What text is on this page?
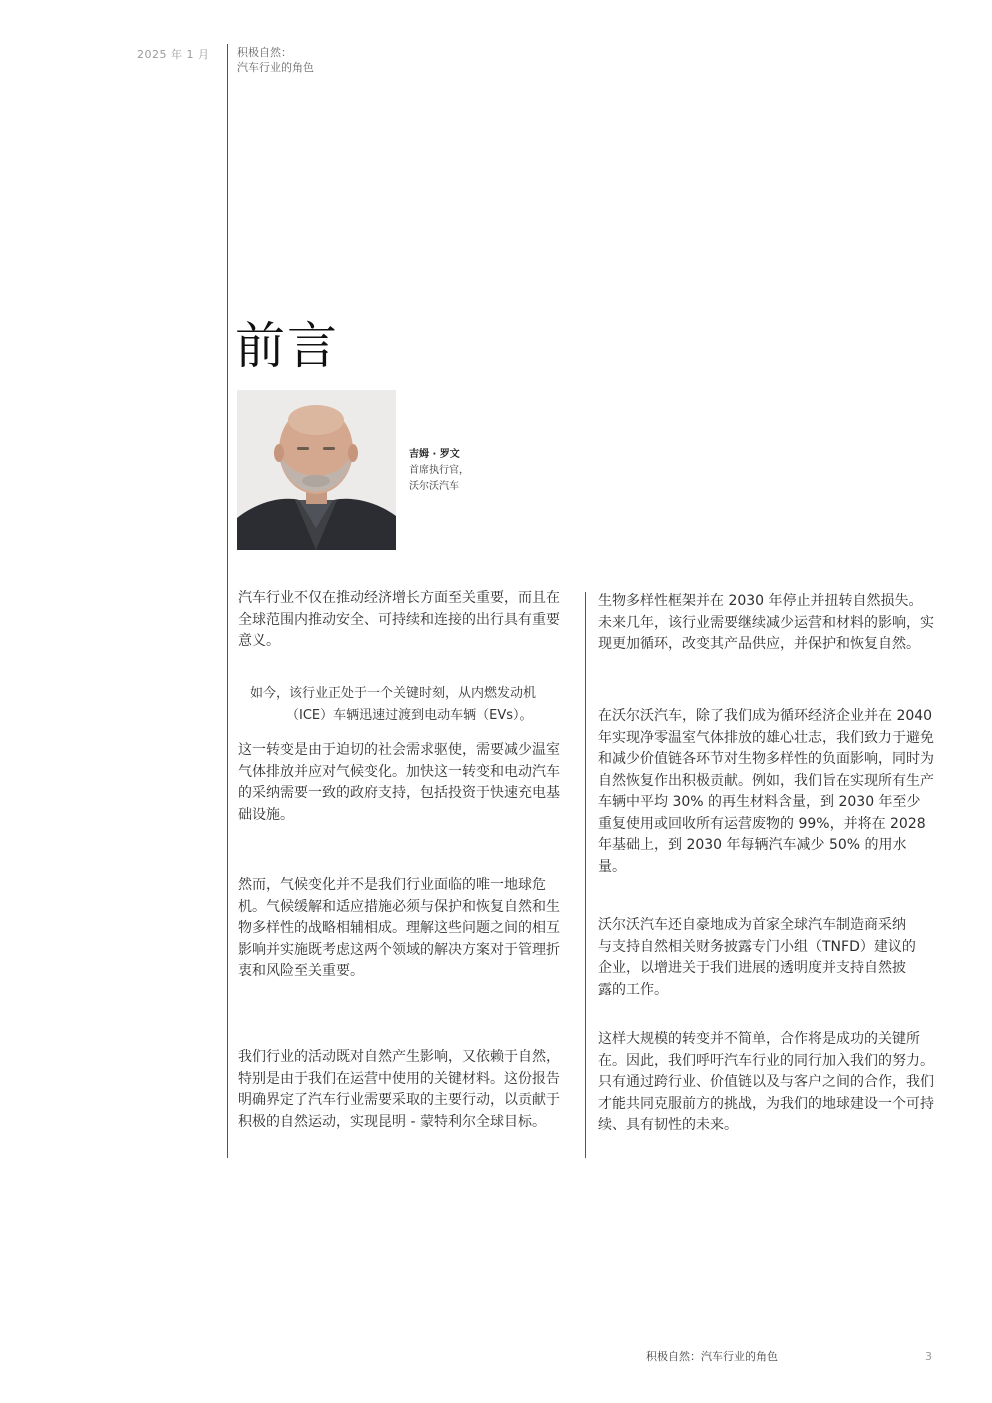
2025 年 1 月	积极自然：
汽车行业的角色
前言
吉姆 · 罗文
首席执行官，
沃尔沃汽车

汽车行业不仅在推动经济增长方面至关重要，而且在全球范围内推动安全、可持续和连接的出行具有重要意义。

如今，该行业正处于一个关键时刻，从内燃发动机
（ICE）车辆迅速过渡到电动车辆（EVs）。

这一转变是由于迫切的社会需求驱使，需要减少温室气体排放并应对气候变化。加快这一转变和电动汽车的采纳需要一致的政府支持，包括投资于快速充电基础设施。

然而，气候变化并不是我们行业面临的唯一地球危机。气候缓解和适应措施必须与保护和恢复自然和生物多样性的战略相辅相成。理解这些问题之间的相互影响并实施既考虑这两个领域的解决方案对于管理折衷和风险至关重要。

我们行业的活动既对自然产生影响，又依赖于自然，特别是由于我们在运营中使用的关键材料。这份报告明确界定了汽车行业需要采取的主要行动，以贡献于积极的自然运动，实现昆明 - 蒙特利尔全球目标。

生物多样性框架并在 2030 年停止并扭转自然损失。未来几年，该行业需要继续减少运营和材料的影响，实现更加循环，改变其产品供应，并保护和恢复自然。

在沃尔沃汽车，除了我们成为循环经济企业并在 2040 年实现净零温室气体排放的雄心壮志，我们致力于避免和减少价值链各环节对生物多样性的负面影响，同时为自然恢复作出积极贡献。例如，我们旨在实现所有生产车辆中平均 30% 的再生材料含量，到 2030 年至少重复使用或回收所有运营废物的 99%，并将在 2028 年基础上，到 2030 年每辆汽车减少 50% 的用水量。

沃尔沃汽车还自豪地成为首家全球汽车制造商采纳与支持自然相关财务披露专门小组（TNFD）建议的企业，以增进关于我们进展的透明度并支持自然披露的工作。

这样大规模的转变并不简单，合作将是成功的关键所在。因此，我们呼吁汽车行业的同行加入我们的努力。只有通过跨行业、价值链以及与客户之间的合作，我们才能共同克服前方的挑战，为我们的地球建设一个可持续、具有韧性的未来。

积极自然：汽车行业的角色	3
